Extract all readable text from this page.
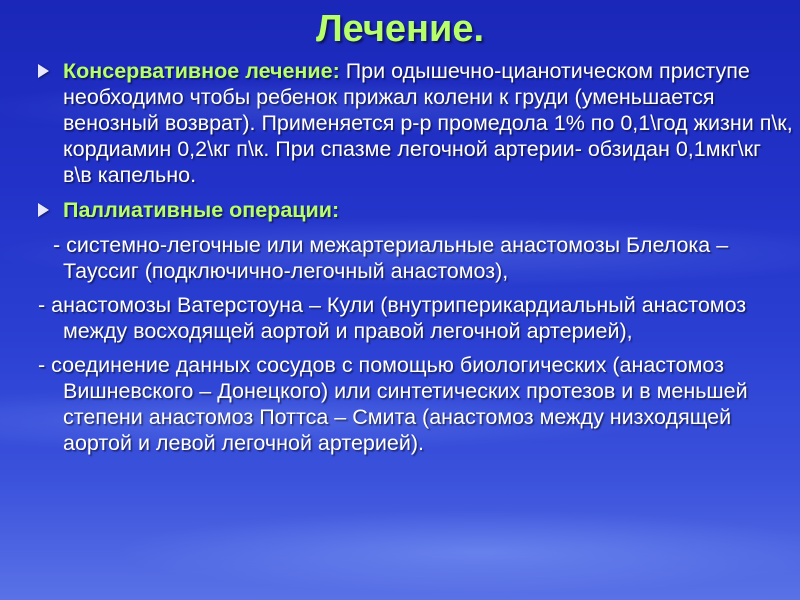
Лечение.
Консервативное лечение: При одышечно-цианотическом приступе необходимо чтобы ребенок прижал колени к груди (уменьшается венозный возврат). Применяется р-р промедола 1% по 0,1\год жизни п\к, кордиамин 0,2\кг п\к. При спазме легочной артерии- обзидан 0,1мкг\кг в\в капельно.
Паллиативные операции:
- системно-легочные или межартериальные анастомозы Блелока – Таусcиг (подключично-легочный анастомоз),
- анастомозы Ватерстоуна – Кули (внутриперикардиальный анастомоз между восходящей аортой и правой легочной артерией),
- соединение данных сосудов с помощью биологических (анастомоз Вишневского – Донецкого) или синтетических протезов и в меньшей степени анастомоз Поттса – Смита (анастомоз между низходящей аортой и левой легочной артерией).
